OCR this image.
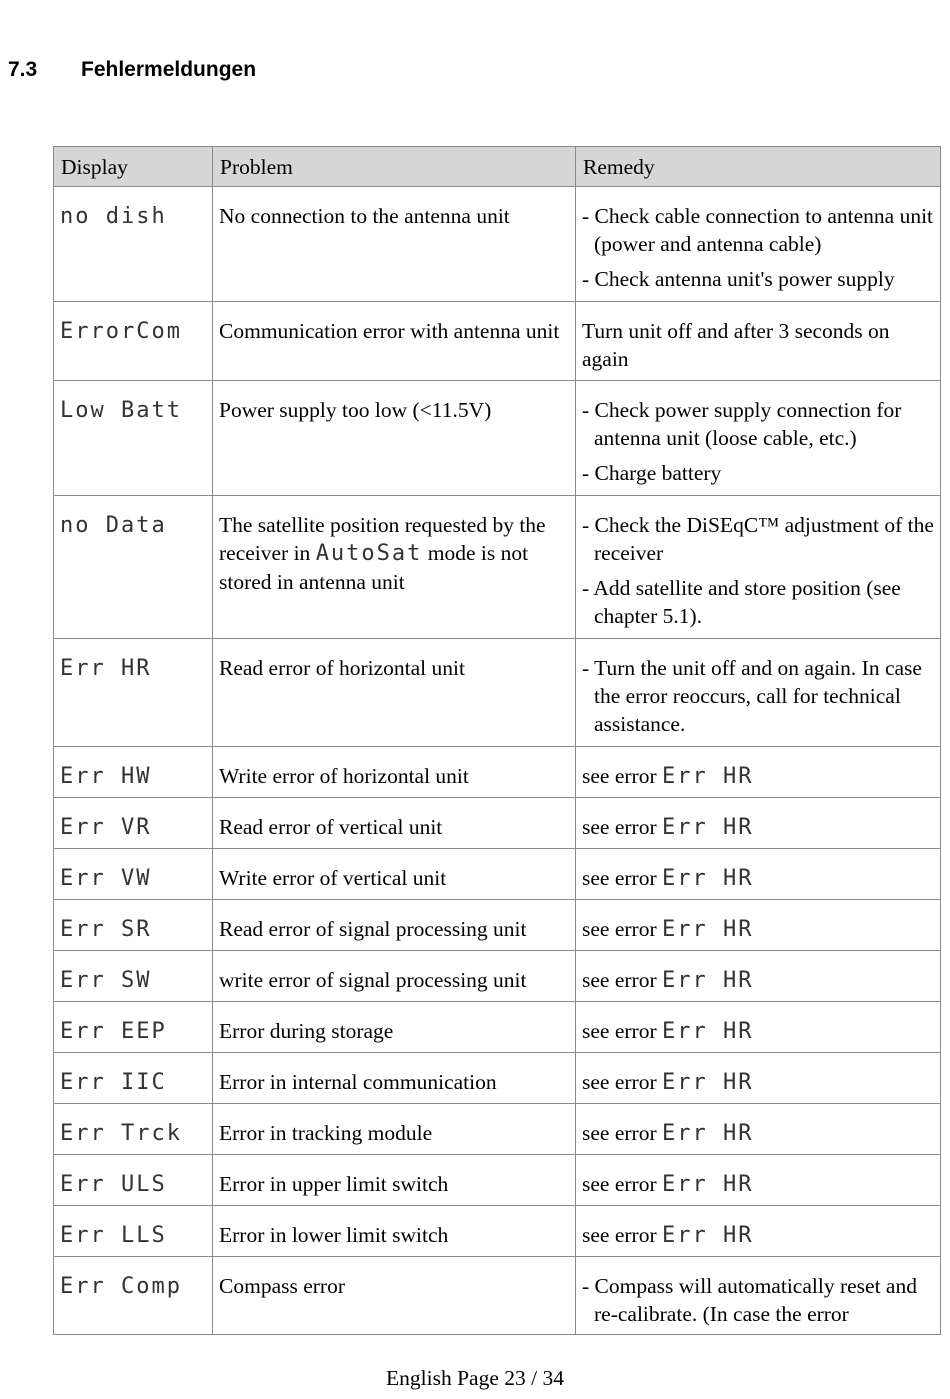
7.3 Fehlermeldungen
Display	Problem	Remedy
no dish	No connection to the antenna unit	- Check cable connection to antenna unit (power and antenna cable)
- Check antenna unit's power supply

ErrorCom	Communication error with antenna unit	Turn unit off and after 3 seconds on again

Low Batt	Power supply too low (<11.5V)	- Check power supply connection for antenna unit (loose cable, etc.)
- Charge battery

no Data	The satellite position requested by the receiver in AutoSat mode is not stored in antenna unit	- Check the DiSEqC™ adjustment of the receiver
- Add satellite and store position (see chapter 5.1).

Err HR	Read error of horizontal unit	- Turn the unit off and on again. In case the error reoccurs, call for technical assistance.

Err HW	Write error of horizontal unit	see error Err HR
Err VR	Read error of vertical unit	see error Err HR
Err VW	Write error of vertical unit	see error Err HR
Err SR	Read error of signal processing unit	see error Err HR
Err SW	write error of signal processing unit	see error Err HR
Err EEP	Error during storage	see error Err HR
Err IIC	Error in internal communication	see error Err HR
Err Trck	Error in tracking module	see error Err HR
Err ULS	Error in upper limit switch	see error Err HR
Err LLS	Error in lower limit switch	see error Err HR
Err Comp	Compass error	- Compass will automatically reset and re-calibrate. (In case the error
English Page 23 / 34
